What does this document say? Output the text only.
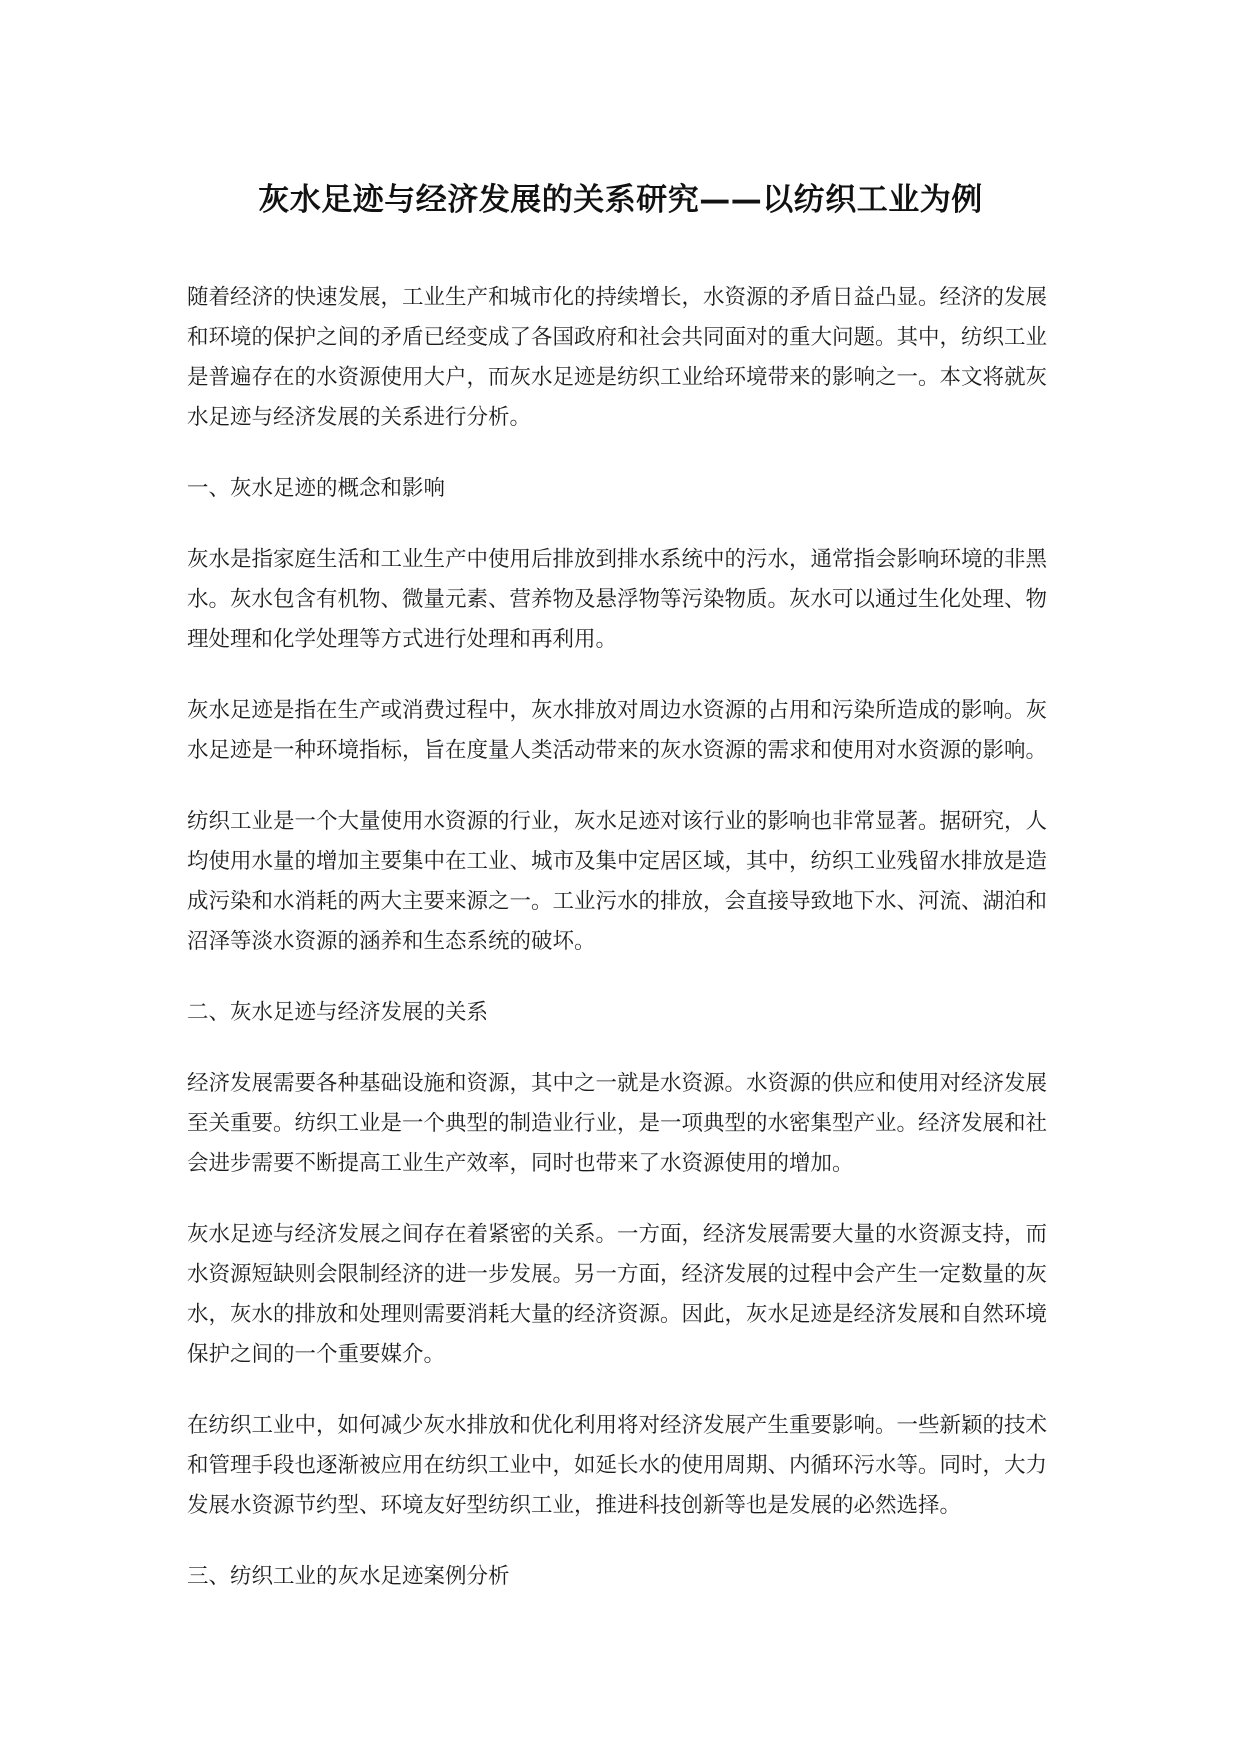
灰水足迹与经济发展的关系研究——以纺织工业为例

随着经济的快速发展，工业生产和城市化的持续增长，水资源的矛盾日益凸显。经济的发展和环境的保护之间的矛盾已经变成了各国政府和社会共同面对的重大问题。其中，纺织工业是普遍存在的水资源使用大户，而灰水足迹是纺织工业给环境带来的影响之一。本文将就灰水足迹与经济发展的关系进行分析。

一、灰水足迹的概念和影响

灰水是指家庭生活和工业生产中使用后排放到排水系统中的污水，通常指会影响环境的非黑水。灰水包含有机物、微量元素、营养物及悬浮物等污染物质。灰水可以通过生化处理、物理处理和化学处理等方式进行处理和再利用。

灰水足迹是指在生产或消费过程中，灰水排放对周边水资源的占用和污染所造成的影响。灰水足迹是一种环境指标，旨在度量人类活动带来的灰水资源的需求和使用对水资源的影响。

纺织工业是一个大量使用水资源的行业，灰水足迹对该行业的影响也非常显著。据研究，人均使用水量的增加主要集中在工业、城市及集中定居区域，其中，纺织工业残留水排放是造成污染和水消耗的两大主要来源之一。工业污水的排放，会直接导致地下水、河流、湖泊和沼泽等淡水资源的涵养和生态系统的破坏。

二、灰水足迹与经济发展的关系

经济发展需要各种基础设施和资源，其中之一就是水资源。水资源的供应和使用对经济发展至关重要。纺织工业是一个典型的制造业行业，是一项典型的水密集型产业。经济发展和社会进步需要不断提高工业生产效率，同时也带来了水资源使用的增加。

灰水足迹与经济发展之间存在着紧密的关系。一方面，经济发展需要大量的水资源支持，而水资源短缺则会限制经济的进一步发展。另一方面，经济发展的过程中会产生一定数量的灰水，灰水的排放和处理则需要消耗大量的经济资源。因此，灰水足迹是经济发展和自然环境保护之间的一个重要媒介。

在纺织工业中，如何减少灰水排放和优化利用将对经济发展产生重要影响。一些新颖的技术和管理手段也逐渐被应用在纺织工业中，如延长水的使用周期、内循环污水等。同时，大力发展水资源节约型、环境友好型纺织工业，推进科技创新等也是发展的必然选择。

三、纺织工业的灰水足迹案例分析
